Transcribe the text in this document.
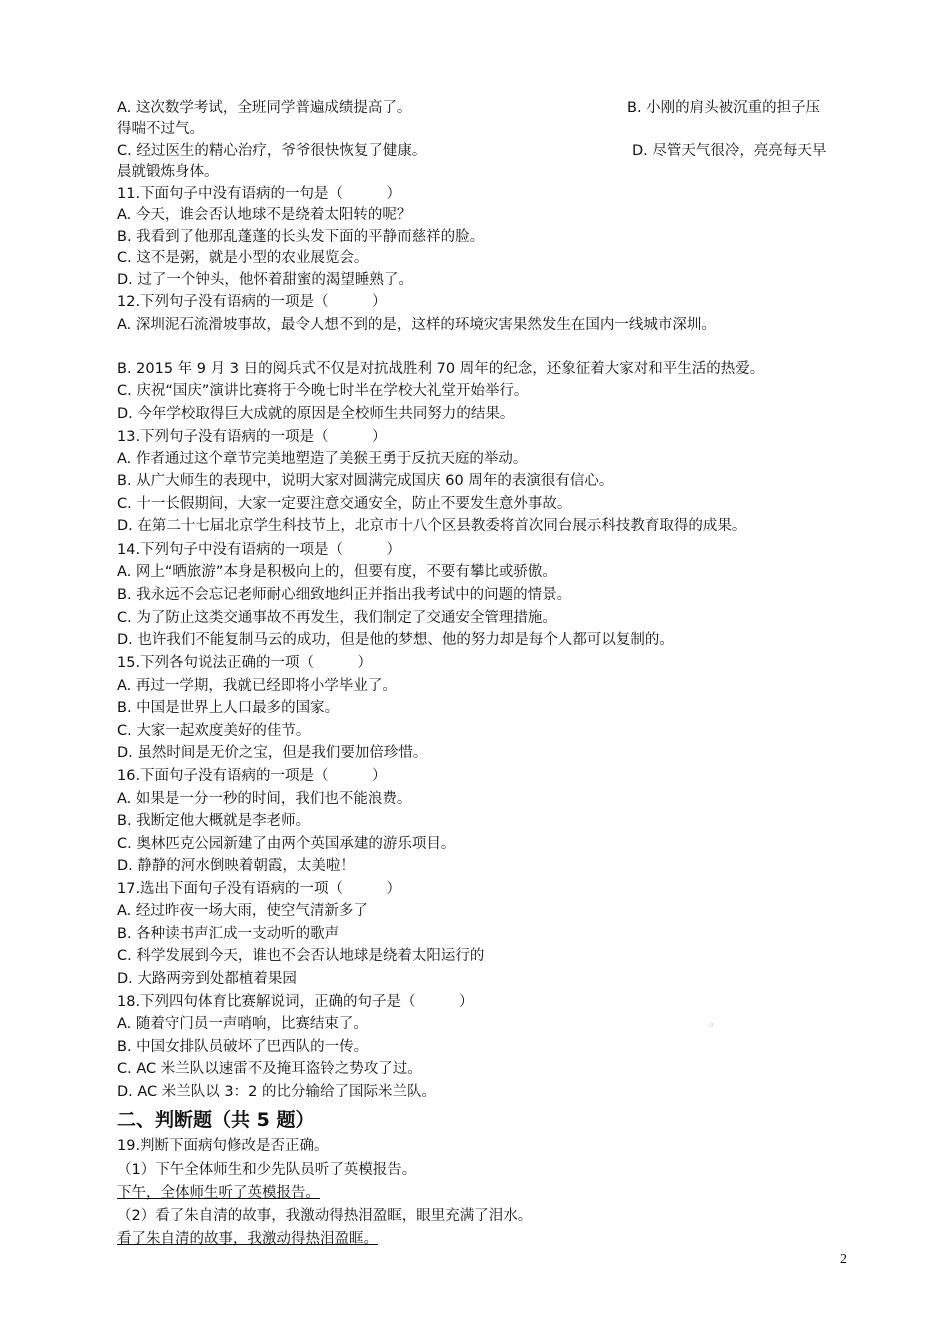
A. 这次数学考试，全班同学普遍成绩提高了。	B. 小刚的肩头被沉重的担子压
得喘不过气。
C. 经过医生的精心治疗，爷爷很快恢复了健康。	D. 尽管天气很冷，亮亮每天早
晨就锻炼身体。
11.下面句子中没有语病的一句是（　　　）
A. 今天，谁会否认地球不是绕着太阳转的呢？
B. 我看到了他那乱蓬蓬的长头发下面的平静而慈祥的脸。
C. 这不是粥，就是小型的农业展览会。
D. 过了一个钟头，他怀着甜蜜的渴望睡熟了。
12.下列句子没有语病的一项是（　　　）
A. 深圳泥石流滑坡事故，最令人想不到的是，这样的环境灾害果然发生在国内一线城市深圳。
B. 2015 年 9 月 3 日的阅兵式不仅是对抗战胜利 70 周年的纪念，还象征着大家对和平生活的热爱。
C. 庆祝“国庆”演讲比赛将于今晚七时半在学校大礼堂开始举行。
D. 今年学校取得巨大成就的原因是全校师生共同努力的结果。
13.下列句子没有语病的一项是（　　　）
A. 作者通过这个章节完美地塑造了美猴王勇于反抗天庭的举动。
B. 从广大师生的表现中，说明大家对圆满完成国庆 60 周年的表演很有信心。
C. 十一长假期间，大家一定要注意交通安全，防止不要发生意外事故。
D. 在第二十七届北京学生科技节上，北京市十八个区县教委将首次同台展示科技教育取得的成果。
14.下列句子中没有语病的一项是（　　　）
A. 网上“晒旅游”本身是积极向上的，但要有度，不要有攀比或骄傲。
B. 我永远不会忘记老师耐心细致地纠正并指出我考试中的问题的情景。
C. 为了防止这类交通事故不再发生，我们制定了交通安全管理措施。
D. 也许我们不能复制马云的成功，但是他的梦想、他的努力却是每个人都可以复制的。
15.下列各句说法正确的一项（　　　）
A. 再过一学期，我就已经即将小学毕业了。
B. 中国是世界上人口最多的国家。
C. 大家一起欢度美好的佳节。
D. 虽然时间是无价之宝，但是我们要加倍珍惜。
16.下面句子没有语病的一项是（　　　）
A. 如果是一分一秒的时间，我们也不能浪费。
B. 我断定他大概就是李老师。
C. 奥林匹克公园新建了由两个英国承建的游乐项目。
D. 静静的河水倒映着朝霞，太美啦！
17.选出下面句子没有语病的一项（　　　）
A. 经过昨夜一场大雨，使空气清新多了
B. 各种读书声汇成一支动听的歌声
C. 科学发展到今天，谁也不会否认地球是绕着太阳运行的
D. 大路两旁到处都植着果园
18.下列四句体育比赛解说词，正确的句子是（　　　）
A. 随着守门员一声哨响，比赛结束了。
B. 中国女排队员破坏了巴西队的一传。
C. AC 米兰队以速雷不及掩耳盗铃之势攻了过。
D. AC 米兰队以 3：2 的比分输给了国际米兰队。
▯
二、判断题（共 5 题）
19.判断下面病句修改是否正确。
（1）下午全体师生和少先队员听了英模报告。
下午，全体师生听了英模报告。
（2）看了朱自清的故事，我激动得热泪盈眶，眼里充满了泪水。
看了朱自清的故事，我激动得热泪盈眶。
2
